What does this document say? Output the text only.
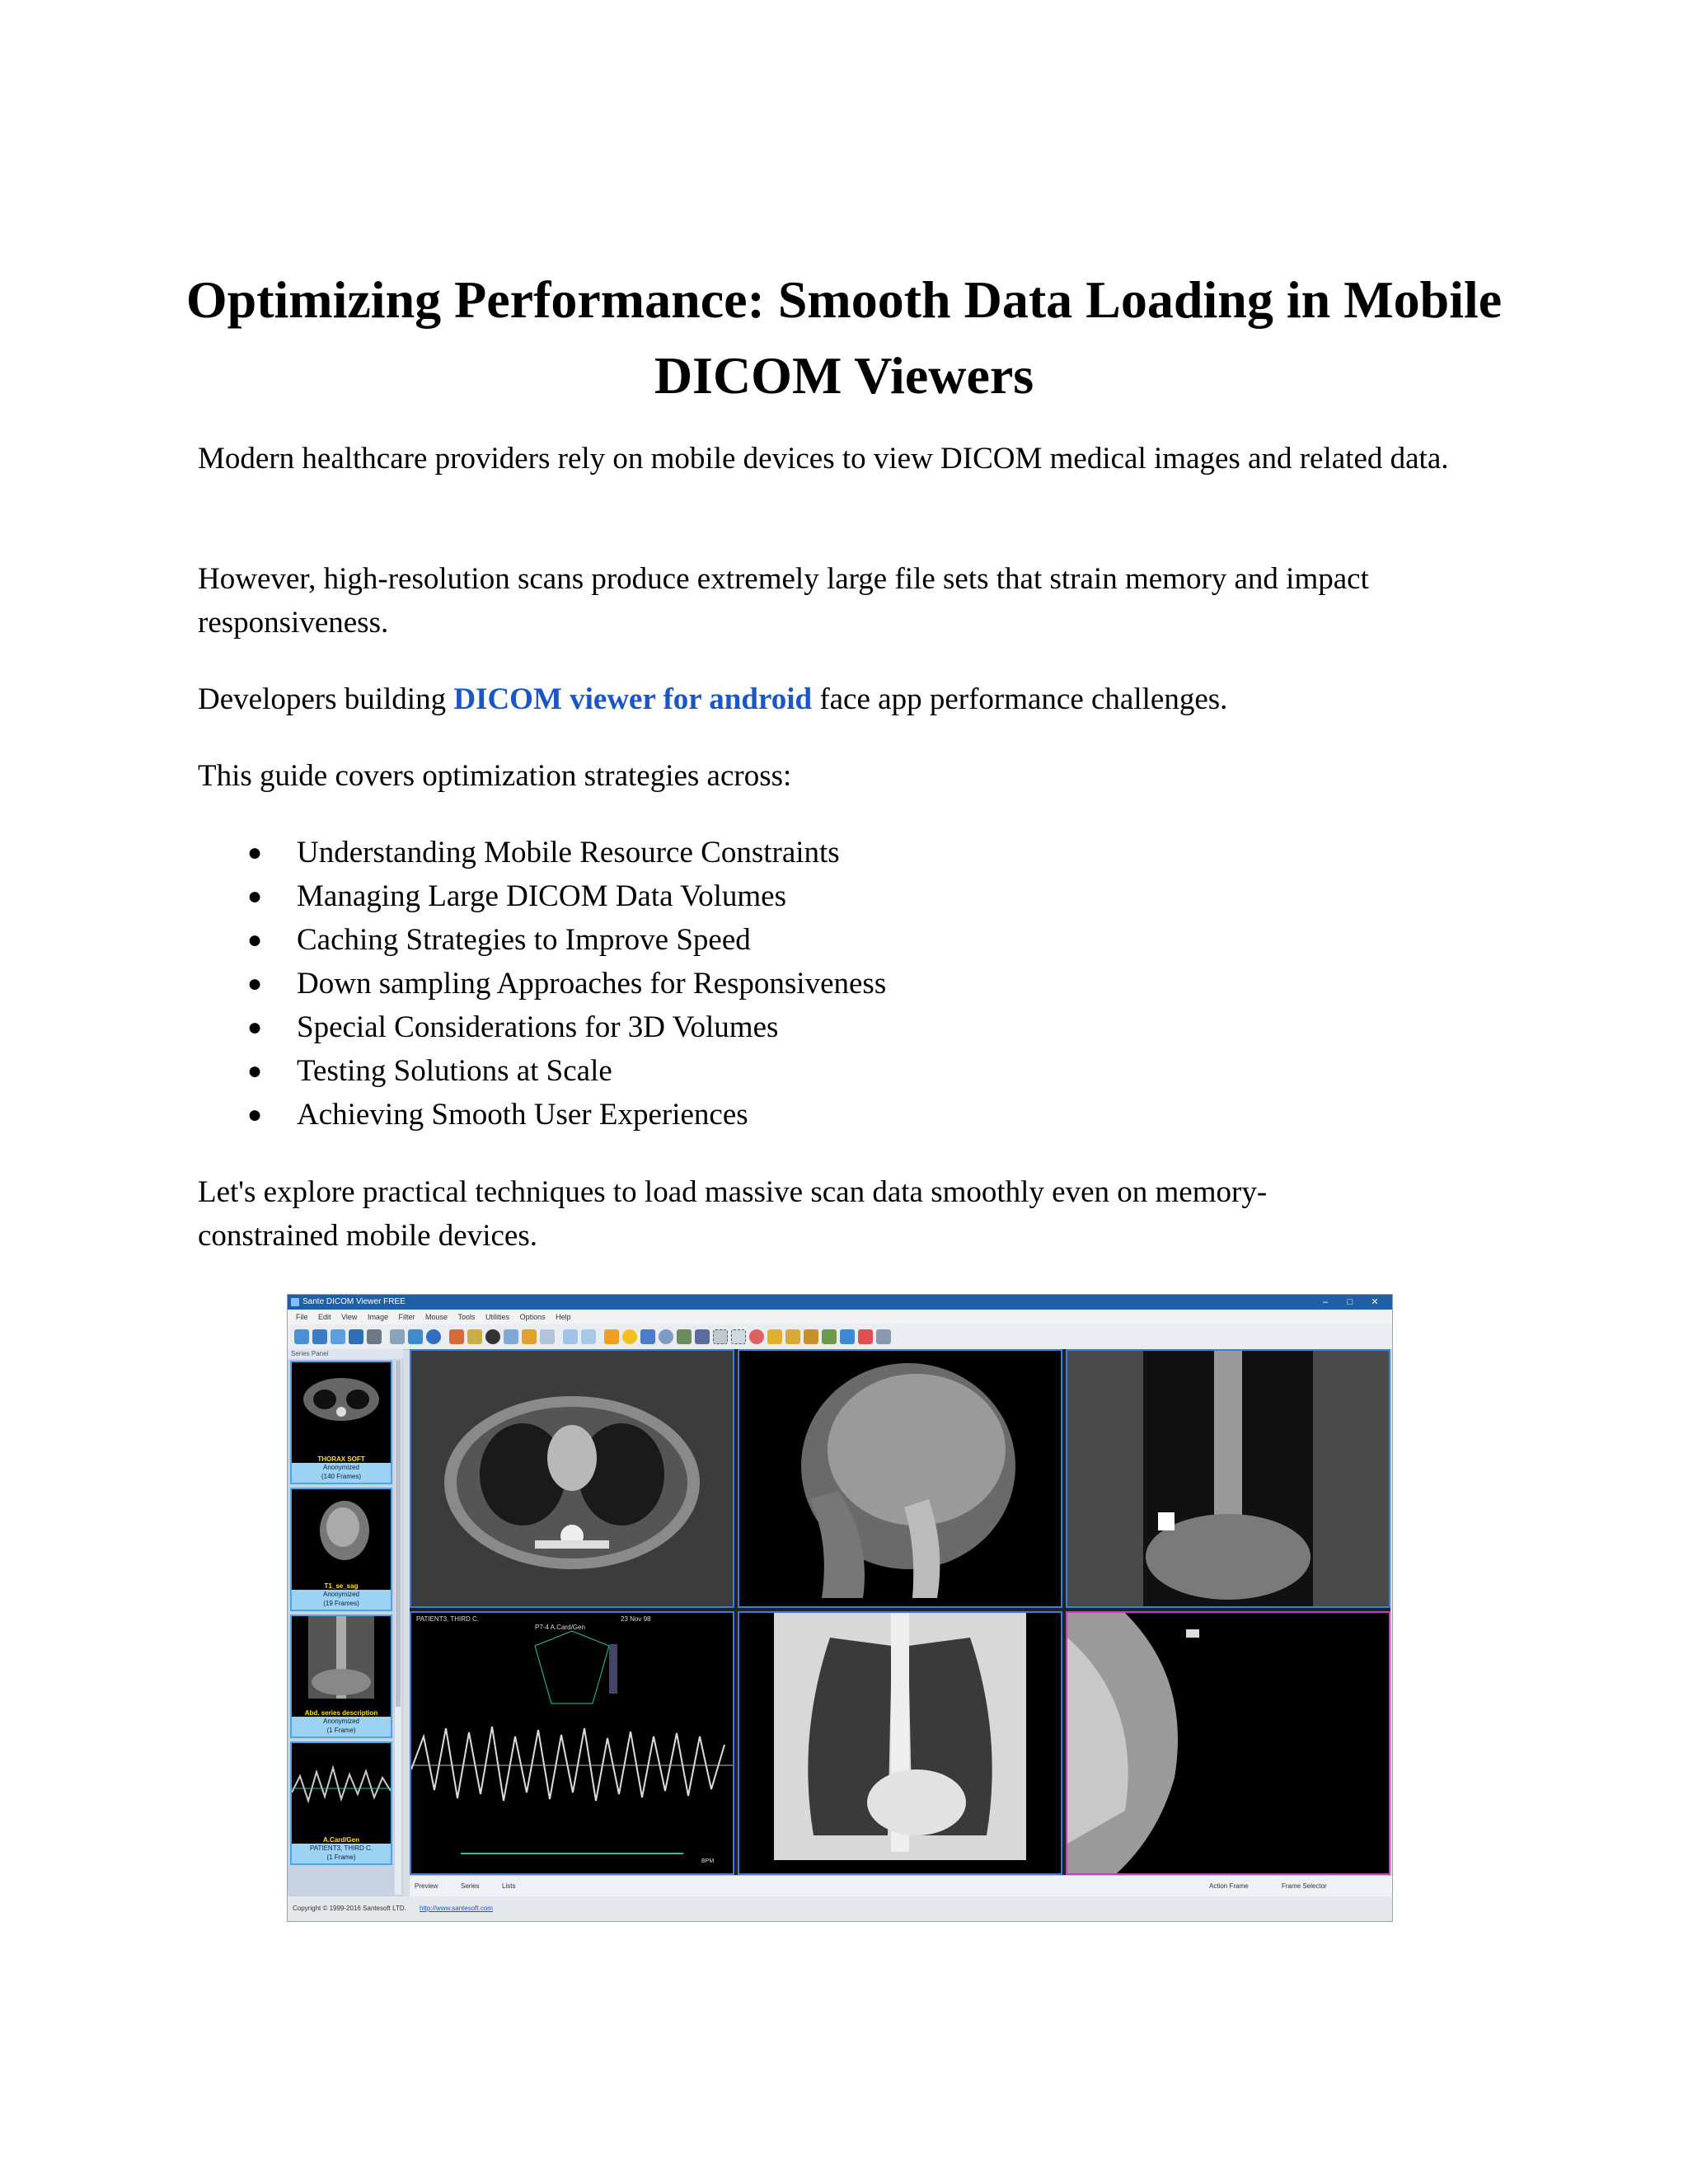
Optimizing Performance: Smooth Data Loading in Mobile DICOM Viewers

Modern healthcare providers rely on mobile devices to view DICOM medical images and related data.

However, high-resolution scans produce extremely large file sets that strain memory and impact responsiveness.

Developers building DICOM viewer for android face app performance challenges.

This guide covers optimization strategies across:

● Understanding Mobile Resource Constraints
● Managing Large DICOM Data Volumes
● Caching Strategies to Improve Speed
● Down sampling Approaches for Responsiveness
● Special Considerations for 3D Volumes
● Testing Solutions at Scale
● Achieving Smooth User Experiences

Let's explore practical techniques to load massive scan data smoothly even on memory-constrained mobile devices.

Sante DICOM Viewer FREE	– □ ✕
File Edit View Image Filter Mouse Tools Utilities Options Help
Series Panel
THORAX SOFT
Anonymized
(140 Frames)
T1_se_sag
Anonymized
(19 Frames)
Abd. series description
Anonymized
(1 Frame)
A.Card/Gen
PATIENT3, THIRD C.
(1 Frame)
PATIENT3, THIRD C.	23 Nov 98
P7-4 A.Card/Gen
BPM
Preview	Series	Lists	Action Frame	Frame Selector
Copyright © 1999-2016 Santesoft LTD. http://www.santesoft.com
